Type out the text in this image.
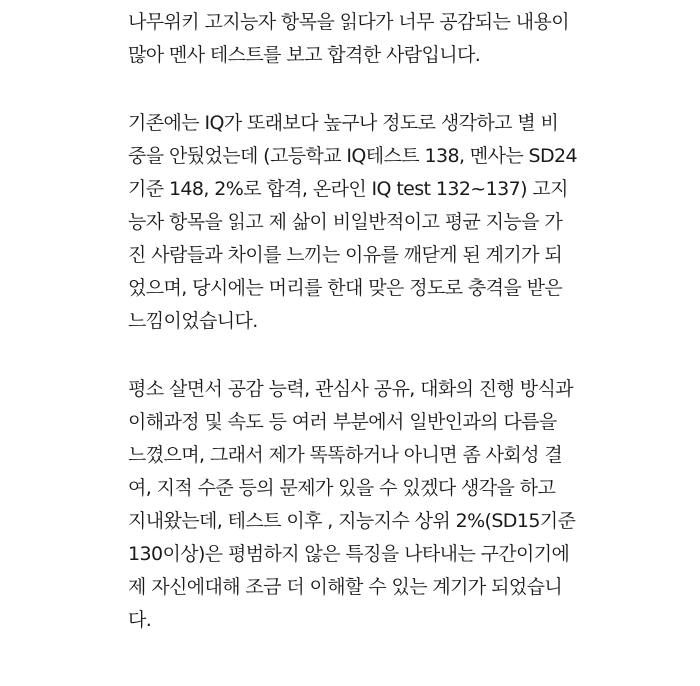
나무위키 고지능자 항목을 읽다가 너무 공감되는 내용이
많아 멘사 테스트를 보고 합격한 사람입니다.
기존에는 IQ가 또래보다 높구나 정도로 생각하고 별 비
중을 안뒀었는데 (고등학교 IQ테스트 138, 멘사는 SD24
기준 148, 2%로 합격, 온라인 IQ test 132~137) 고지
능자 항목을 읽고 제 삶이 비일반적이고 평균 지능을 가
진 사람들과 차이를 느끼는 이유를 깨닫게 된 계기가 되
었으며, 당시에는 머리를 한대 맞은 정도로 충격을 받은
느낌이었습니다.
평소 살면서 공감 능력, 관심사 공유, 대화의 진행 방식과
이해과정 및 속도 등 여러 부분에서 일반인과의 다름을
느꼈으며, 그래서 제가 똑똑하거나 아니면 좀 사회성 결
여, 지적 수준 등의 문제가 있을 수 있겠다 생각을 하고
지내왔는데, 테스트 이후 , 지능지수 상위 2%(SD15기준
130이상)은 평범하지 않은 특징을 나타내는 구간이기에
제 자신에대해 조금 더 이해할 수 있는 계기가 되었습니
다.
